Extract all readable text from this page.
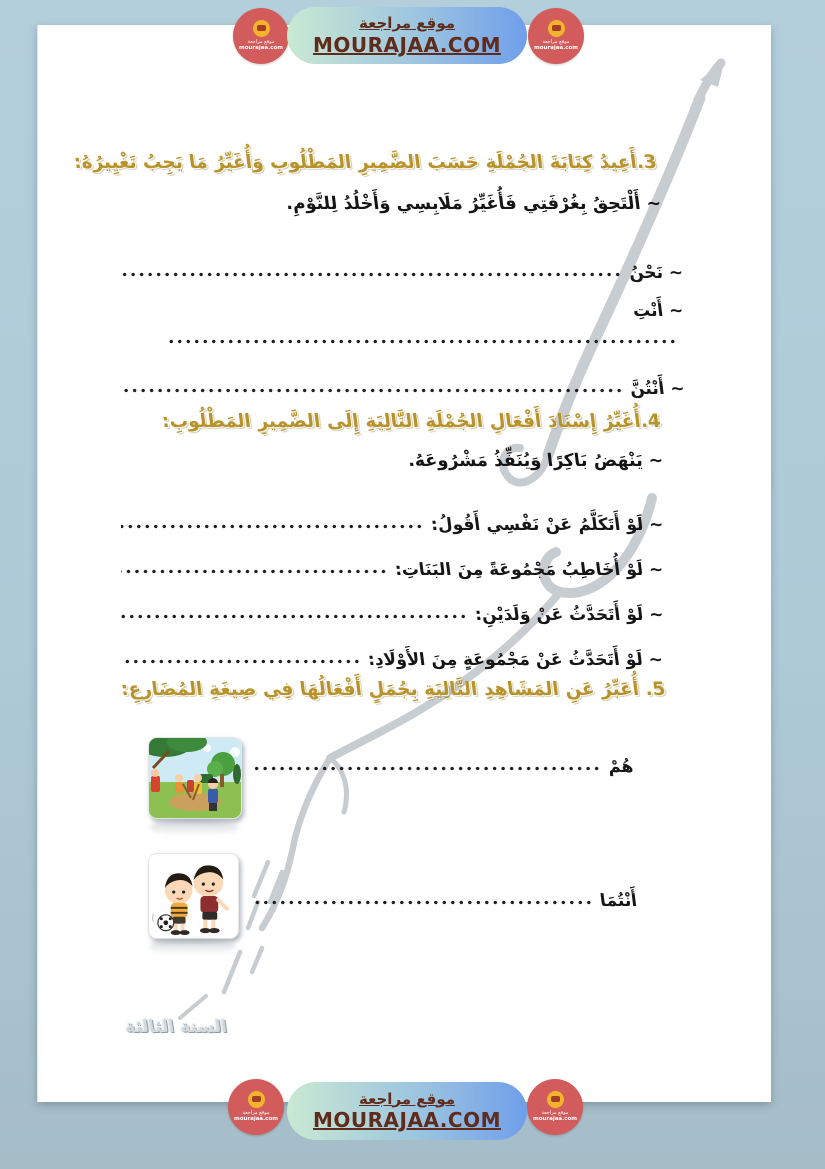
3.أَعِيدُ كِتَابَةَ الجُمْلَةِ حَسَبَ الضَّمِيرِ المَطْلُوبِ وَأُغَيِّرُ مَا يَجِبُ تَغْيِيرُهُ:
~ أَلْتَحِقُ بِغُرْفَتِي فَأُغَيِّرُ مَلَابِسِي وَأَخْلُدُ لِلنَّوْمِ.
~ نَحْنُ
~ أَنْتِ
~ أَنْتُنَّ
4.أُغَيِّرُ إِسْنَادَ أَفْعَالِ الجُمْلَةِ التَّالِيَةِ إِلَى الضَّمِيرِ المَطْلُوبِ:
~ يَنْهَضُ بَاكِرًا وَيُنَفِّذُ مَشْرُوعَهُ.
~ لَوْ أَتَكَلَّمُ عَنْ نَفْسِي أَقُولُ:
~ لَوْ أُخَاطِبُ مَجْمُوعَةً مِنَ البَنَاتِ:
~ لَوْ أَتَحَدَّثُ عَنْ وَلَدَيْنِ:
~ لَوْ أَتَحَدَّثُ عَنْ مَجْمُوعَةٍ مِنَ الأَوْلَادِ:
5. أُعَبِّرُ عَنِ المَشَاهِدِ التَّالِيَةِ بِجُمَلٍ أَفْعَالُهَا فِي صِيغَةِ المُضَارِعِ:
هُمْ
أَنْتُمَا
السنة الثالثة
موقع مراجعة
mourajaa.com
موقع مراجعة
MOURAJAA.COM	موقع مراجعة
mourajaa.com
موقع مراجعة
mourajaa.com
موقع مراجعة
MOURAJAA.COM	موقع مراجعة
mourajaa.com
